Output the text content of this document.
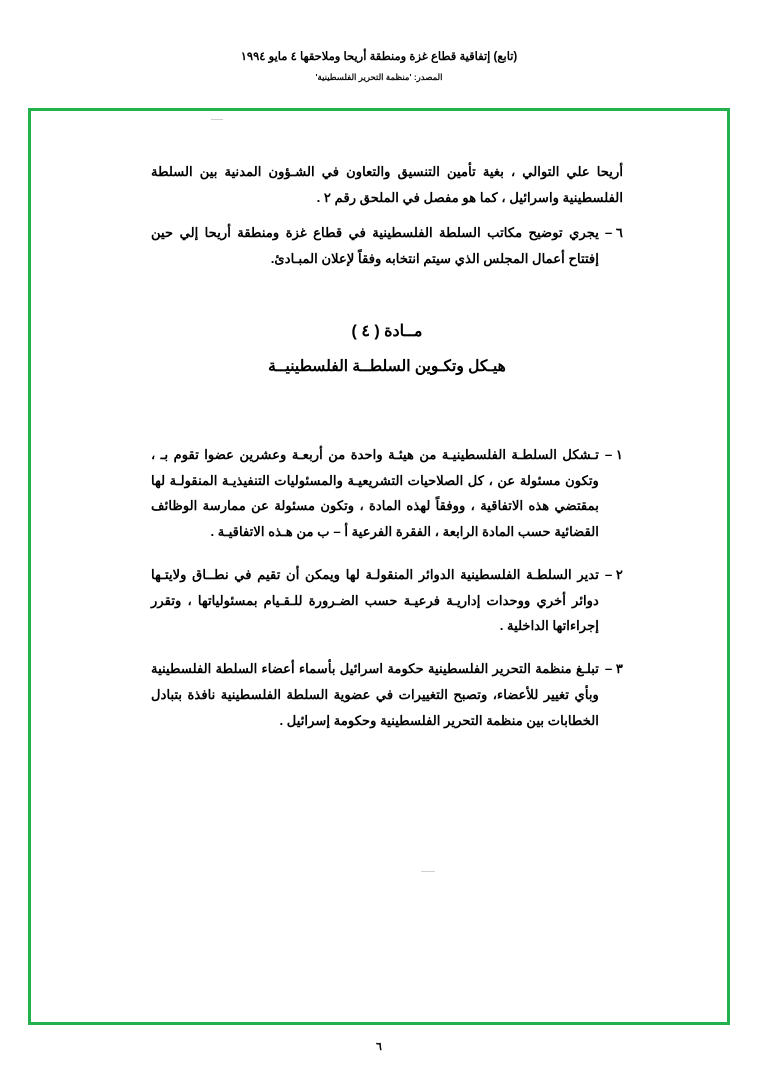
(تابع) إتفاقية قطاع غزة ومنطقة أريحا وملاحقها ٤ مايو ١٩٩٤
المصدر: 'منظمة التحرير الفلسطينية'

أريحا علي التوالي ، بغية تأمين التنسيق والتعاون في الشـؤون المدنية بين السلطة الفلسطينية واسرائيل ، كما هو مفصل في الملحق رقم ٢ .

٦ –
يجري توضيح مكاتب السلطة الفلسطينية في قطاع غزة ومنطقة أريحا إلي حين إفتتاح أعمال المجلس الذي سيتم انتخابه وفقاً لإعلان المبـادئ.
مــادة ( ٤ )
هيـكل وتكـوين السلطــة الفلسطينيــة
١ –
تـشكل السلطـة الفلسطينيـة من هيئـة واحدة من أربعـة وعشرين عضوا تقوم بـ ، وتكون مسئولة عن ، كل الصلاحيات التشريعيـة والمسئوليات التنفيذيـة المنقولـة لها بمقتضي هذه الاتفاقية ، ووفقاً لهذه المادة ، وتكون مسئولة عن ممارسة الوظائف القضائية حسب المادة الرابعة ، الفقرة الفرعية أ – ب من هـذه الاتفاقيـة .
٢ –
تدير السلطـة الفلسطينية الدوائر المنقولـة لها ويمكن أن تقيم في نطــاق ولايتـها دوائر أخري ووحدات إداريـة فرعيـة حسب الضـرورة للـقـيام بمسئولياتها ، وتقرر إجراءاتها الداخلية .
٣ –
تبلـغ منظمة التحرير الفلسطينية حكومة اسرائيل بأسماء أعضاء السلطة الفلسطينية وبأي تغيير للأعضاء، وتصبح التغييرات في عضوية السلطة الفلسطينية نافذة بتبادل الخطابات بين منظمة التحرير الفلسطينية وحكومة إسرائيل .
٦
